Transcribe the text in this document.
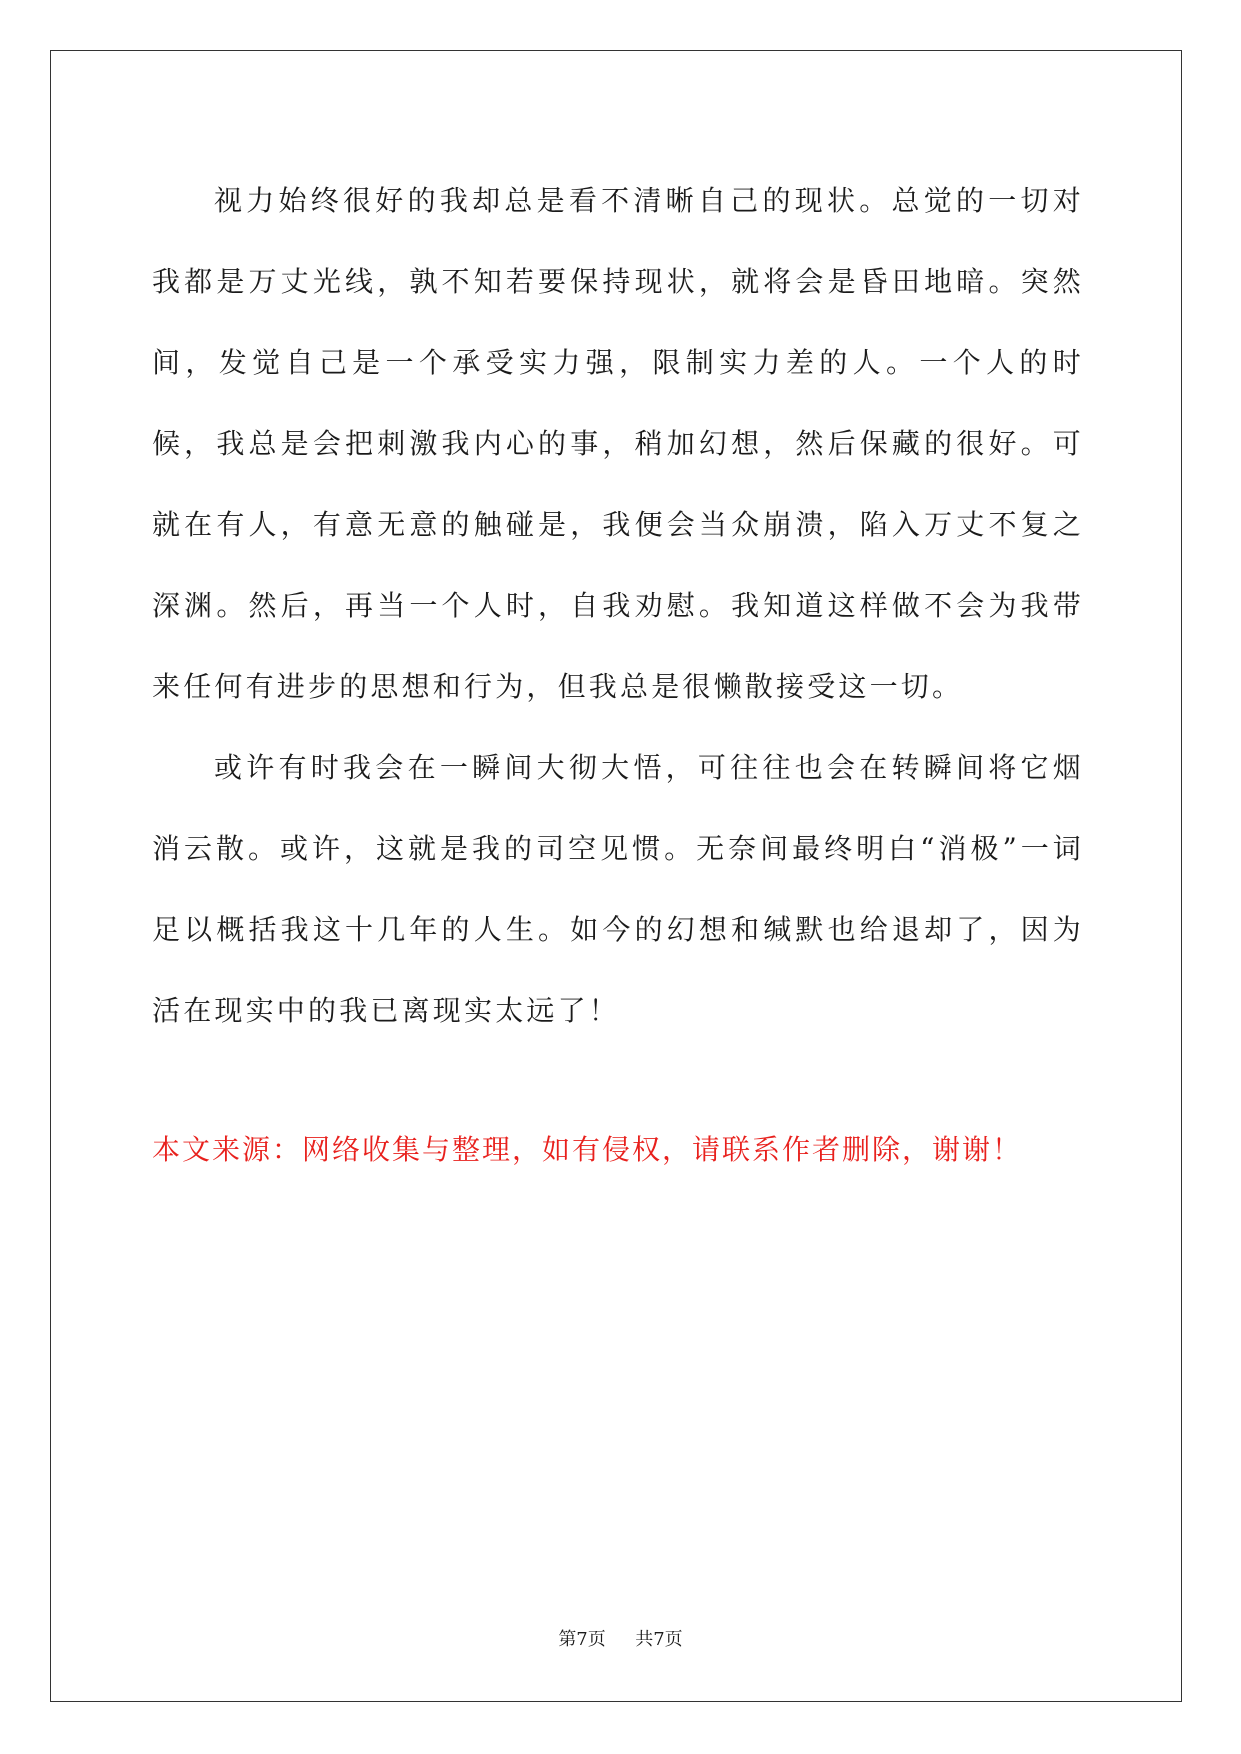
视力始终很好的我却总是看不清晰自己的现状。总觉的一切对我都是万丈光线，孰不知若要保持现状，就将会是昏田地暗。突然间，发觉自己是一个承受实力强，限制实力差的人。一个人的时候，我总是会把刺激我内心的事，稍加幻想，然后保藏的很好。可就在有人，有意无意的触碰是，我便会当众崩溃，陷入万丈不复之深渊。然后，再当一个人时，自我劝慰。我知道这样做不会为我带来任何有进步的思想和行为，但我总是很懒散接受这一切。

或许有时我会在一瞬间大彻大悟，可往往也会在转瞬间将它烟消云散。或许，这就是我的司空见惯。无奈间最终明白“消极”一词足以概括我这十几年的人生。如今的幻想和缄默也给退却了，因为活在现实中的我已离现实太远了！

本文来源：网络收集与整理，如有侵权，请联系作者删除，谢谢！

第7页 共7页
